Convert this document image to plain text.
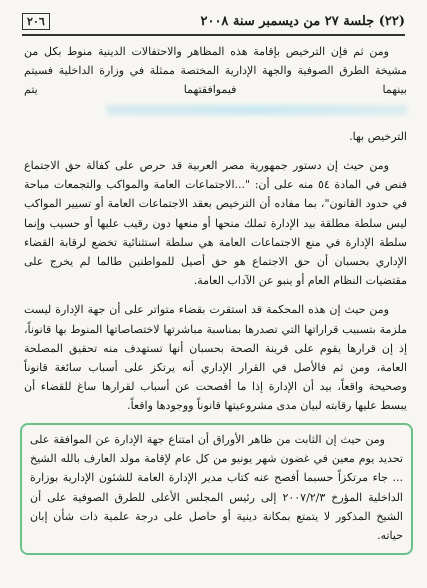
٢٠٦	(٢٢) جلسة ٢٧ من ديسمبر سنة ٢٠٠٨

ومن ثم فإن الترخيص بإقامة هذه المظاهر والاحتفالات الدينية منوط بكل من مشيخة الطرق الصوفية والجهة الإدارية المختصة ممثلة في وزارة الداخلية فسيتم بينهما فيموافقتهما يتم

الترخيص بها.

ومن حيث إن دستور جمهورية مصر العربية قد حرص على كفالة حق الاجتماع فنص في المادة ٥٤ منه على أن: "...الاجتماعات العامة والمواكب والتجمعات مباحة في حدود القانون"، بما مفاده أن الترخيص بعقد الاجتماعات العامة أو تسيير المواكب ليس سلطة مطلقة بيد الإدارة تملك منحها أو منعها دون رقيب عليها أو حسيب وإنما سلطة الإدارة في منع الاجتماعات العامة هي سلطة استثنائية تخضع لرقابة القضاء الإداري بحسبان أن حق الاجتماع هو حق أصيل للمواطنين طالما لم يخرج على مقتضيات النظام العام أو ينبو عن الآداب العامة.

ومن حيث إن هذه المحكمة قد استقرت بقضاء متواتر على أن جهة الإدارة ليست ملزمة بتسبيب قراراتها التي تصدرها بمناسبة مباشرتها لاختصاصاتها المنوط بها قانوناً، إذ إن قرارها يقوم على قرينة الصحة بحسبان أنها تستهدف منه تحقيق المصلحة العامة، ومن ثم فالأصل في القرار الإداري أنه يرتكز على أسباب سائغة قانوناً وصحيحة واقعاً، بيد أن الإدارة إذا ما أفصحت عن أسباب لقرارها ساغ للقضاء أن يبسط عليها رقابته لبيان مدى مشروعيتها قانوناً ووجودها واقعاً.

ومن حيث إن الثابت من ظاهر الأوراق أن امتناع جهة الإدارة عن الموافقة على تحديد يوم معين في غضون شهر يونيو من كل عام لإقامة مولد العارف بالله الشيخ ... جاء مرتكزاً حسبما أفصح عنه كتاب مدير الإدارة العامة للشئون الإدارية بوزارة الداخلية المؤرخ ٢٠٠٧/٢/٣ إلى رئيس المجلس الأعلى للطرق الصوفية على أن الشيخ المذكور لا يتمتع بمكانة دينية أو حاصل على درجة علمية ذات شأن إبان حياته.
